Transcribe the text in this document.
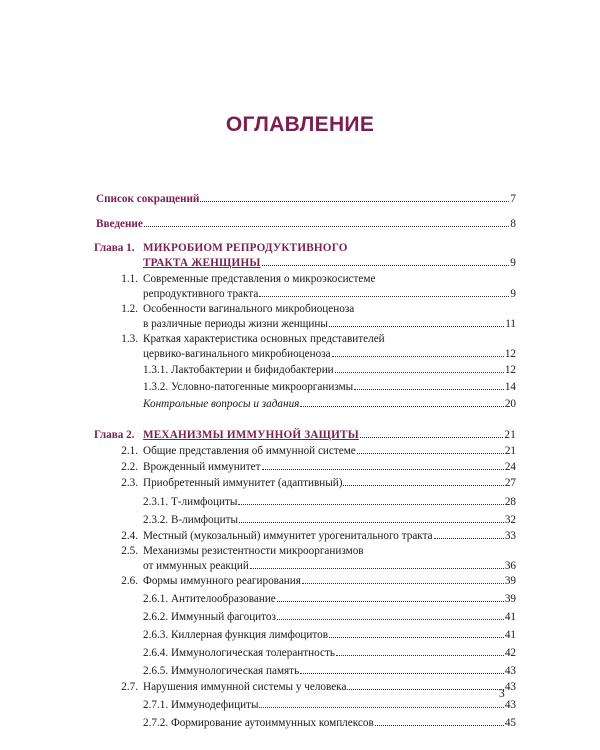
ОГЛАВЛЕНИЕ
Список сокращений	7
Введение	8
Глава 1. МИКРОБИОМ РЕПРОДУКТИВНОГО
ТРАКТА ЖЕНЩИНЫ	9
1.1. Современные представления о микроэкосистеме
репродуктивного тракта	9
1.2. Особенности вагинального микробиоценоза
в различные периоды жизни женщины	11
1.3. Краткая характеристика основных представителей
цервико-вагинального микробиоценоза	12
1.3.1. Лактобактерии и бифидобактерии	12
1.3.2. Условно-патогенные микроорганизмы	14
Контрольные вопросы и задания	20
Глава 2. МЕХАНИЗМЫ ИММУННОЙ ЗАЩИТЫ	21
2.1. Общие представления об иммунной системе	21
2.2. Врожденный иммунитет	24
2.3. Приобретенный иммунитет (адаптивный)	27
2.3.1. Т-лимфоциты	28
2.3.2. В-лимфоциты	32
2.4. Местный (мукозальный) иммунитет урогенитального тракта	33
2.5. Механизмы резистентности микроорганизмов
от иммунных реакций	36
2.6. Формы иммунного реагирования	39
2.6.1. Антителообразование	39
2.6.2. Иммунный фагоцитоз	41
2.6.3. Киллерная функция лимфоцитов	41
2.6.4. Иммунологическая толерантность	42
2.6.5. Иммунологическая память	43
2.7. Нарушения иммунной системы у человека	43
2.7.1. Иммунодефициты	43
2.7.2. Формирование аутоиммунных комплексов	45
3
